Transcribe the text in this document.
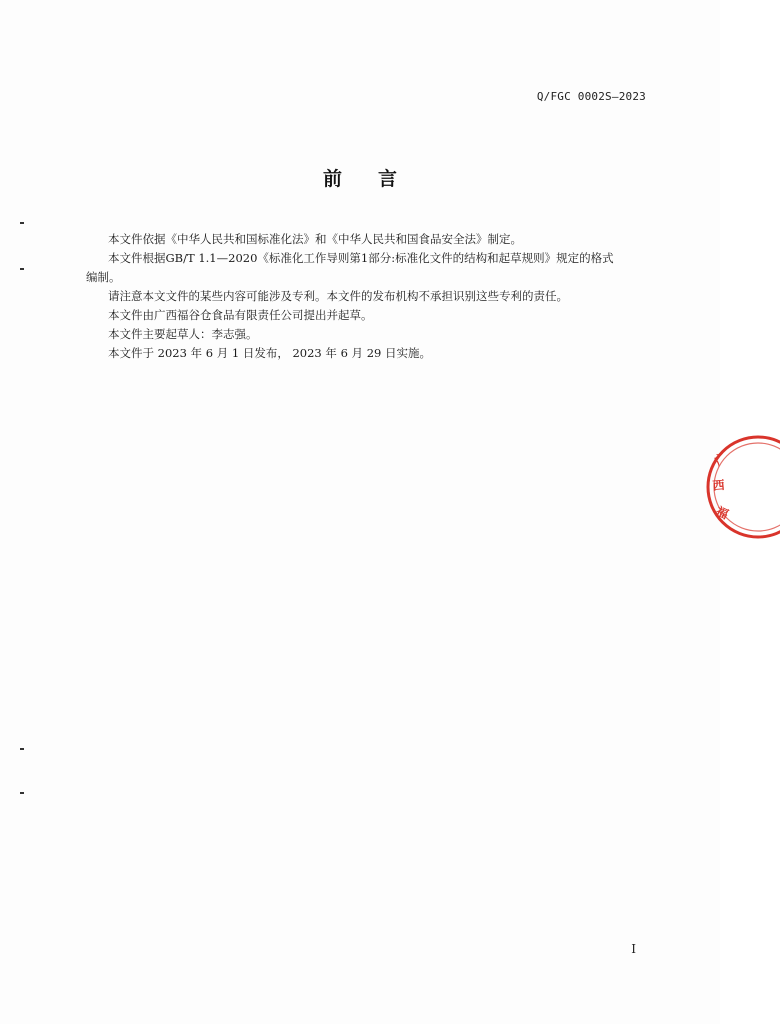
Q/FGC 0002S—2023
前 言

本文件依据《中华人民共和国标准化法》和《中华人民共和国食品安全法》制定。

本文件根据GB/T 1.1—2020《标准化工作导则第1部分:标准化文件的结构和起草规则》规定的格式

编制。

请注意本文文件的某些内容可能涉及专利。本文件的发布机构不承担识别这些专利的责任。

本文件由广西福谷仓食品有限责任公司提出并起草。

本文件主要起草人：李志强。

本文件于 2023 年 6 月 1 日发布， 2023 年 6 月 29 日实施。

广
西
福
I
